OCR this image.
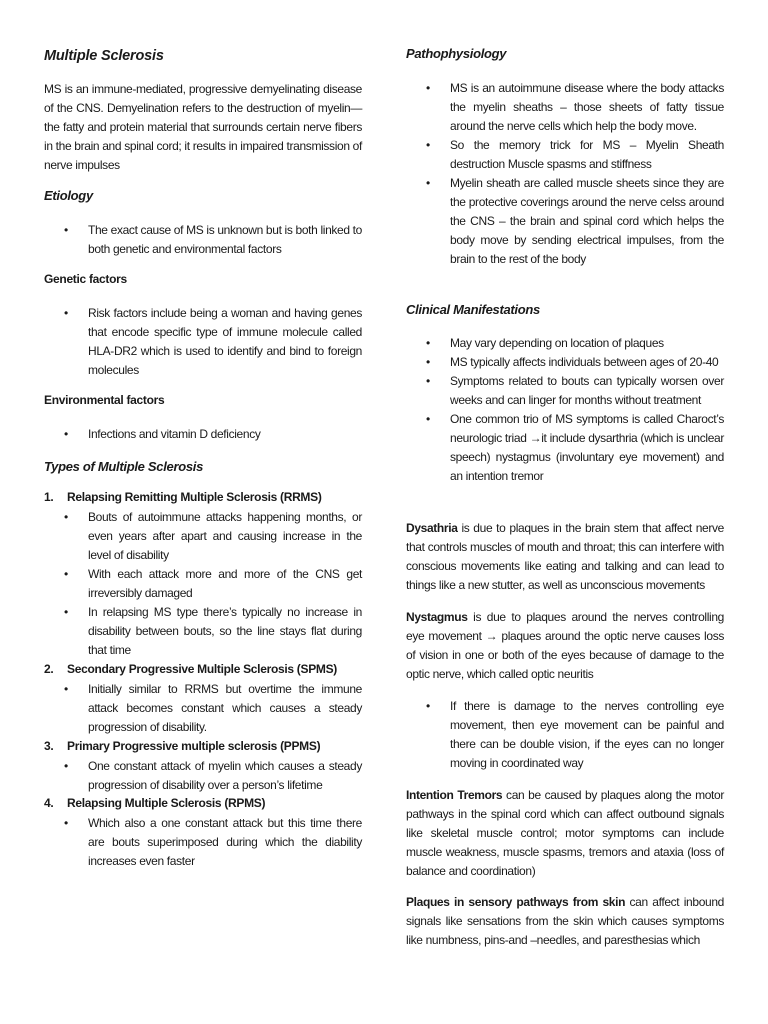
Multiple Sclerosis

MS is an immune-mediated, progressive demyelinating disease of the CNS. Demyelination refers to the destruction of myelin—the fatty and protein material that surrounds certain nerve fibers in the brain and spinal cord; it results in impaired transmission of nerve impulses

Etiology
• The exact cause of MS is unknown but is both linked to both genetic and environmental factors
Genetic factors
• Risk factors include being a woman and having genes that encode specific type of immune molecule called HLA-DR2 which is used to identify and bind to foreign molecules
Environmental factors
• Infections and vitamin D deficiency
Types of Multiple Sclerosis
1. Relapsing Remitting Multiple Sclerosis (RRMS)
• Bouts of autoimmune attacks happening months, or even years after apart and causing increase in the level of disability
• With each attack more and more of the CNS get irreversibly damaged
• In relapsing MS type there’s typically no increase in disability between bouts, so the line stays flat during that time
2. Secondary Progressive Multiple Sclerosis (SPMS)
• Initially similar to RRMS but overtime the immune attack becomes constant which causes a steady progression of disability.
3. Primary Progressive multiple sclerosis (PPMS)
• One constant attack of myelin which causes a steady progression of disability over a person’s lifetime
4. Relapsing Multiple Sclerosis (RPMS)
• Which also a one constant attack but this time there are bouts superimposed during which the diability increases even faster
Pathophysiology
• MS is an autoimmune disease where the body attacks the myelin sheaths – those sheets of fatty tissue around the nerve cells which help the body move.
• So the memory trick for MS – Myelin Sheath destruction Muscle spasms and stiffness
• Myelin sheath are called muscle sheets since they are the protective coverings around the nerve celss around the CNS – the brain and spinal cord which helps the body move by sending electrical impulses, from the brain to the rest of the body
Clinical Manifestations
• May vary depending on location of plaques
• MS typically affects individuals between ages of 20-40
• Symptoms related to bouts can typically worsen over weeks and can linger for months without treatment
• One common trio of MS symptoms is called Charoct’s neurologic triad →it include dysarthria (which is unclear speech) nystagmus (involuntary eye movement) and an intention tremor

Dysathria is due to plaques in the brain stem that affect nerve that controls muscles of mouth and throat; this can interfere with conscious movements like eating and talking and can lead to things like a new stutter, as well as unconscious movements

Nystagmus is due to plaques around the nerves controlling eye movement → plaques around the optic nerve causes loss of vision in one or both of the eyes because of damage to the optic nerve, which called optic neuritis

• If there is damage to the nerves controlling eye movement, then eye movement can be painful and there can be double vision, if the eyes can no longer moving in coordinated way

Intention Tremors can be caused by plaques along the motor pathways in the spinal cord which can affect outbound signals like skeletal muscle control; motor symptoms can include muscle weakness, muscle spasms, tremors and ataxia (loss of balance and coordination)

Plaques in sensory pathways from skin can affect inbound signals like sensations from the skin which causes symptoms like numbness, pins-and –needles, and paresthesias which
